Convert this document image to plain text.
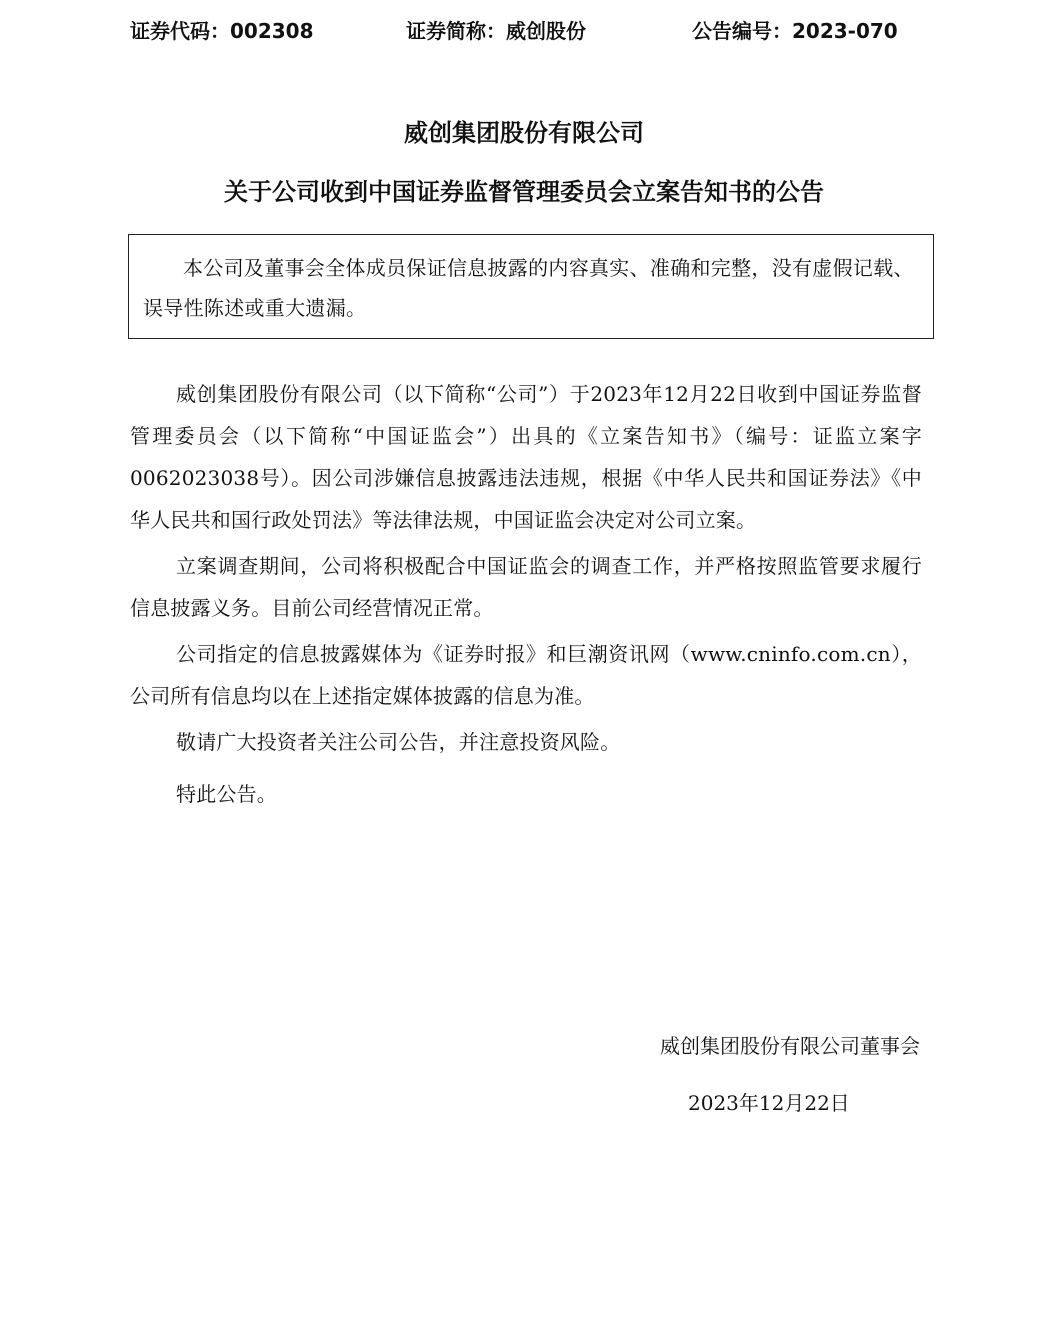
证券代码：002308	证券简称：威创股份	公告编号：2023-070
威创集团股份有限公司
关于公司收到中国证券监督管理委员会立案告知书的公告

本公司及董事会全体成员保证信息披露的内容真实、准确和完整，没有虚假记载、误导性陈述或重大遗漏。

威创集团股份有限公司（以下简称“公司”）于2023年12月22日收到中国证券监督管理委员会（以下简称“中国证监会”）出具的《立案告知书》（编号：证监立案字0062023038号）。因公司涉嫌信息披露违法违规，根据《中华人民共和国证券法》《中华人民共和国行政处罚法》等法律法规，中国证监会决定对公司立案。

立案调查期间，公司将积极配合中国证监会的调查工作，并严格按照监管要求履行信息披露义务。目前公司经营情况正常。

公司指定的信息披露媒体为《证券时报》和巨潮资讯网（www.cninfo.com.cn），公司所有信息均以在上述指定媒体披露的信息为准。

敬请广大投资者关注公司公告，并注意投资风险。

特此公告。

威创集团股份有限公司董事会
2023年12月22日
